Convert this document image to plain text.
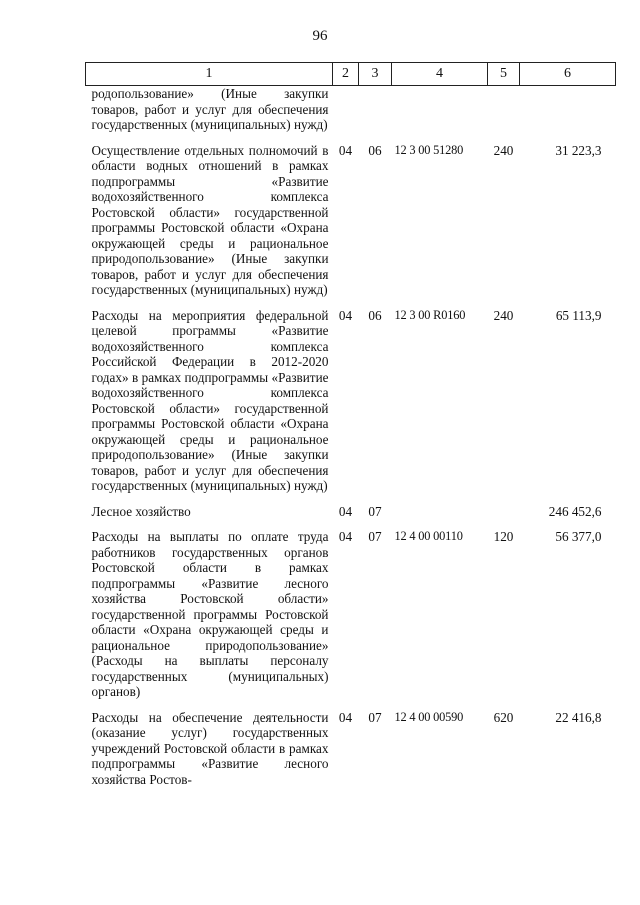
96
1	2	3	4	5	6
родопользование» (Иные закупки товаров, работ и услуг для обеспечения государственных (муниципальных) нужд)					
Осуществление отдельных полномочий в области водных отношений в рамках подпрограммы «Развитие водохозяйственного комплекса Ростовской области» государственной программы Ростовской области «Охрана окружающей среды и рациональное природопользование» (Иные закупки товаров, работ и услуг для обеспечения государственных (муниципальных) нужд)	04	06	12 3 00 51280	240	31 223,3
Расходы на мероприятия федеральной целевой программы «Развитие водохозяйственного комплекса Российской Федерации в 2012-2020 годах» в рамках подпрограммы «Развитие водохозяйственного комплекса Ростовской области» государственной программы Ростовской области «Охрана окружающей среды и рациональное природопользование» (Иные закупки товаров, работ и услуг для обеспечения государственных (муниципальных) нужд)	04	06	12 3 00 R0160	240	65 113,9
Лесное хозяйство	04	07			246 452,6
Расходы на выплаты по оплате труда работников государственных органов Ростовской области в рамках подпрограммы «Развитие лесного хозяйства Ростовской области» государственной программы Ростовской области «Охрана окружающей среды и рациональное природопользование» (Расходы на выплаты персоналу государственных (муниципальных) органов)	04	07	12 4 00 00110	120	56 377,0
Расходы на обеспечение деятельности (оказание услуг) государственных учреждений Ростовской области в рамках подпрограммы «Развитие лесного хозяйства Ростов-	04	07	12 4 00 00590	620	22 416,8
